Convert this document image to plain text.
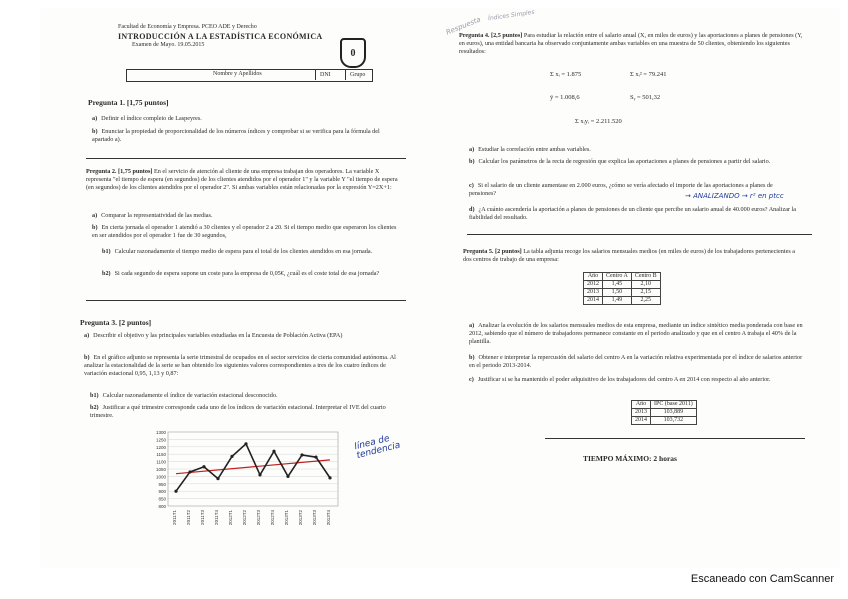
Facultad de Economía y Empresa. PCEO ADE y Derecho
INTRODUCCIÓN A LA ESTADÍSTICA ECONÓMICA
Examen de Mayo. 19.05.2015
0
Nombre y Apellidos	DNI	Grupo
Pregunta 1. [1,75 puntos]
a) Definir el índice compleio de Laspeyres.
b) Enunciar la propiedad de proporcionalidad de los números índices y comprobar si se verifica para la fórmula del apartado a).
Pregunta 2. [1,75 puntos] En el servicio de atención al cliente de una empresa trabajan dos operadores. La variable X representa "el tiempo de espera (en segundos) de los clientes atendidos por el operador 1" y la variable Y "el tiempo de espera (en segundos) de los clientes atendidos por el operador 2". Si ambas variables están relacionadas por la expresión Y=2X+1:
a) Comparar la representatividad de las medias.
b) En cierta jornada el operador 1 atendió a 30 clientes y el operador 2 a 20. Si el tiempo medio que esperaron los clientes en ser atendidos por el operador 1 fue de 30 segundos,
b1) Calcular razonadamente el tiempo medio de espera para el total de los clientes atendidos en esa jornada.
b2) Si cada segundo de espera supone un coste para la empresa de 0,05€, ¿cuál es el coste total de esa jornada?
Pregunta 3. [2 puntos]
a) Describir el objetivo y las principales variables estudiadas en la Encuesta de Población Activa (EPA)
b) En el gráfico adjunto se representa la serie trimestral de ocupados en el sector servicios de cierta comunidad autónoma. Al analizar la estacionalidad de la serie se han obtenido los siguientes valores correspondientes a tres de los cuatro índices de variación estacional 0,95, 1,13 y 0,87:
b1) Calcular razonadamente el índice de variación estacional desconocido.
b2) Justificar a qué trimestre corresponde cada uno de los índices de variación estacional. Interpretar el IVE del cuarto trimestre.
1300
1250
1200
1150
1100
1050
1000
950
900
850
800
2011T1 2011T2 2011T3 2011T4 2012T1 2012T2 2012T3 2012T4 2013T1 2013T2 2013T3 2013T4
línea de tendencia
Pregunta 4. [2,5 puntos] Para estudiar la relación entre el salario anual (X, en miles de euros) y las aportaciones a planes de pensiones (Y, en euros), una entidad bancaria ha observado conjuntamente ambas variables en una muestra de 50 clientes, obteniendo los siguientes resultados:
Σ xᵢ = 1.875	Σ xᵢ² = 79.241
ȳ = 1.008,6	Sᵧ = 501,32
Σ xᵢyᵢ = 2.211.520
a) Estudiar la correlación entre ambas variables.
b) Calcular los parámetros de la recta de regresión que explica las aportaciones a planes de pensiones a partir del salario.
c) Si el salario de un cliente aumentase en 2.000 euros, ¿cómo se vería afectado el importe de las aportaciones a planes de pensiones?
d) ¿A cuánto ascendería la aportación a planes de pensiones de un cliente que percibe un salario anual de 40.000 euros? Analizar la fiabilidad del resultado.
→ ANALIZANDO → r² en ptcc
Pregunta 5. [2 puntos] La tabla adjunta recoge los salarios mensuales medios (en miles de euros) de los trabajadores pertenecientes a dos centros de trabajo de una empresa:
Año	Centro A	Centro B
2012	1,45	2,10
2013	1,50	2,15
2014	1,49	2,25
a) Analizar la evolución de los salarios mensuales medios de esta empresa, mediante un índice sintético media ponderada con base en 2012, sabiendo que el número de trabajadores permanece constante en el periodo analizado y que en el centro A trabaja el 40% de la plantilla.
b) Obtener e interpretar la repercusión del salario del centro A en la variación relativa experimentada por el índice de salarios anterior en el periodo 2013-2014.
c) Justificar si se ha mantenido el poder adquisitivo de los trabajadores del centro A en 2014 con respecto al año anterior.
Año	IPC (base 2011)
2013	103,889
2014	103,732
TIEMPO MÁXIMO: 2 horas
Respuesta Índices Simples
Escaneado con CamScanner
